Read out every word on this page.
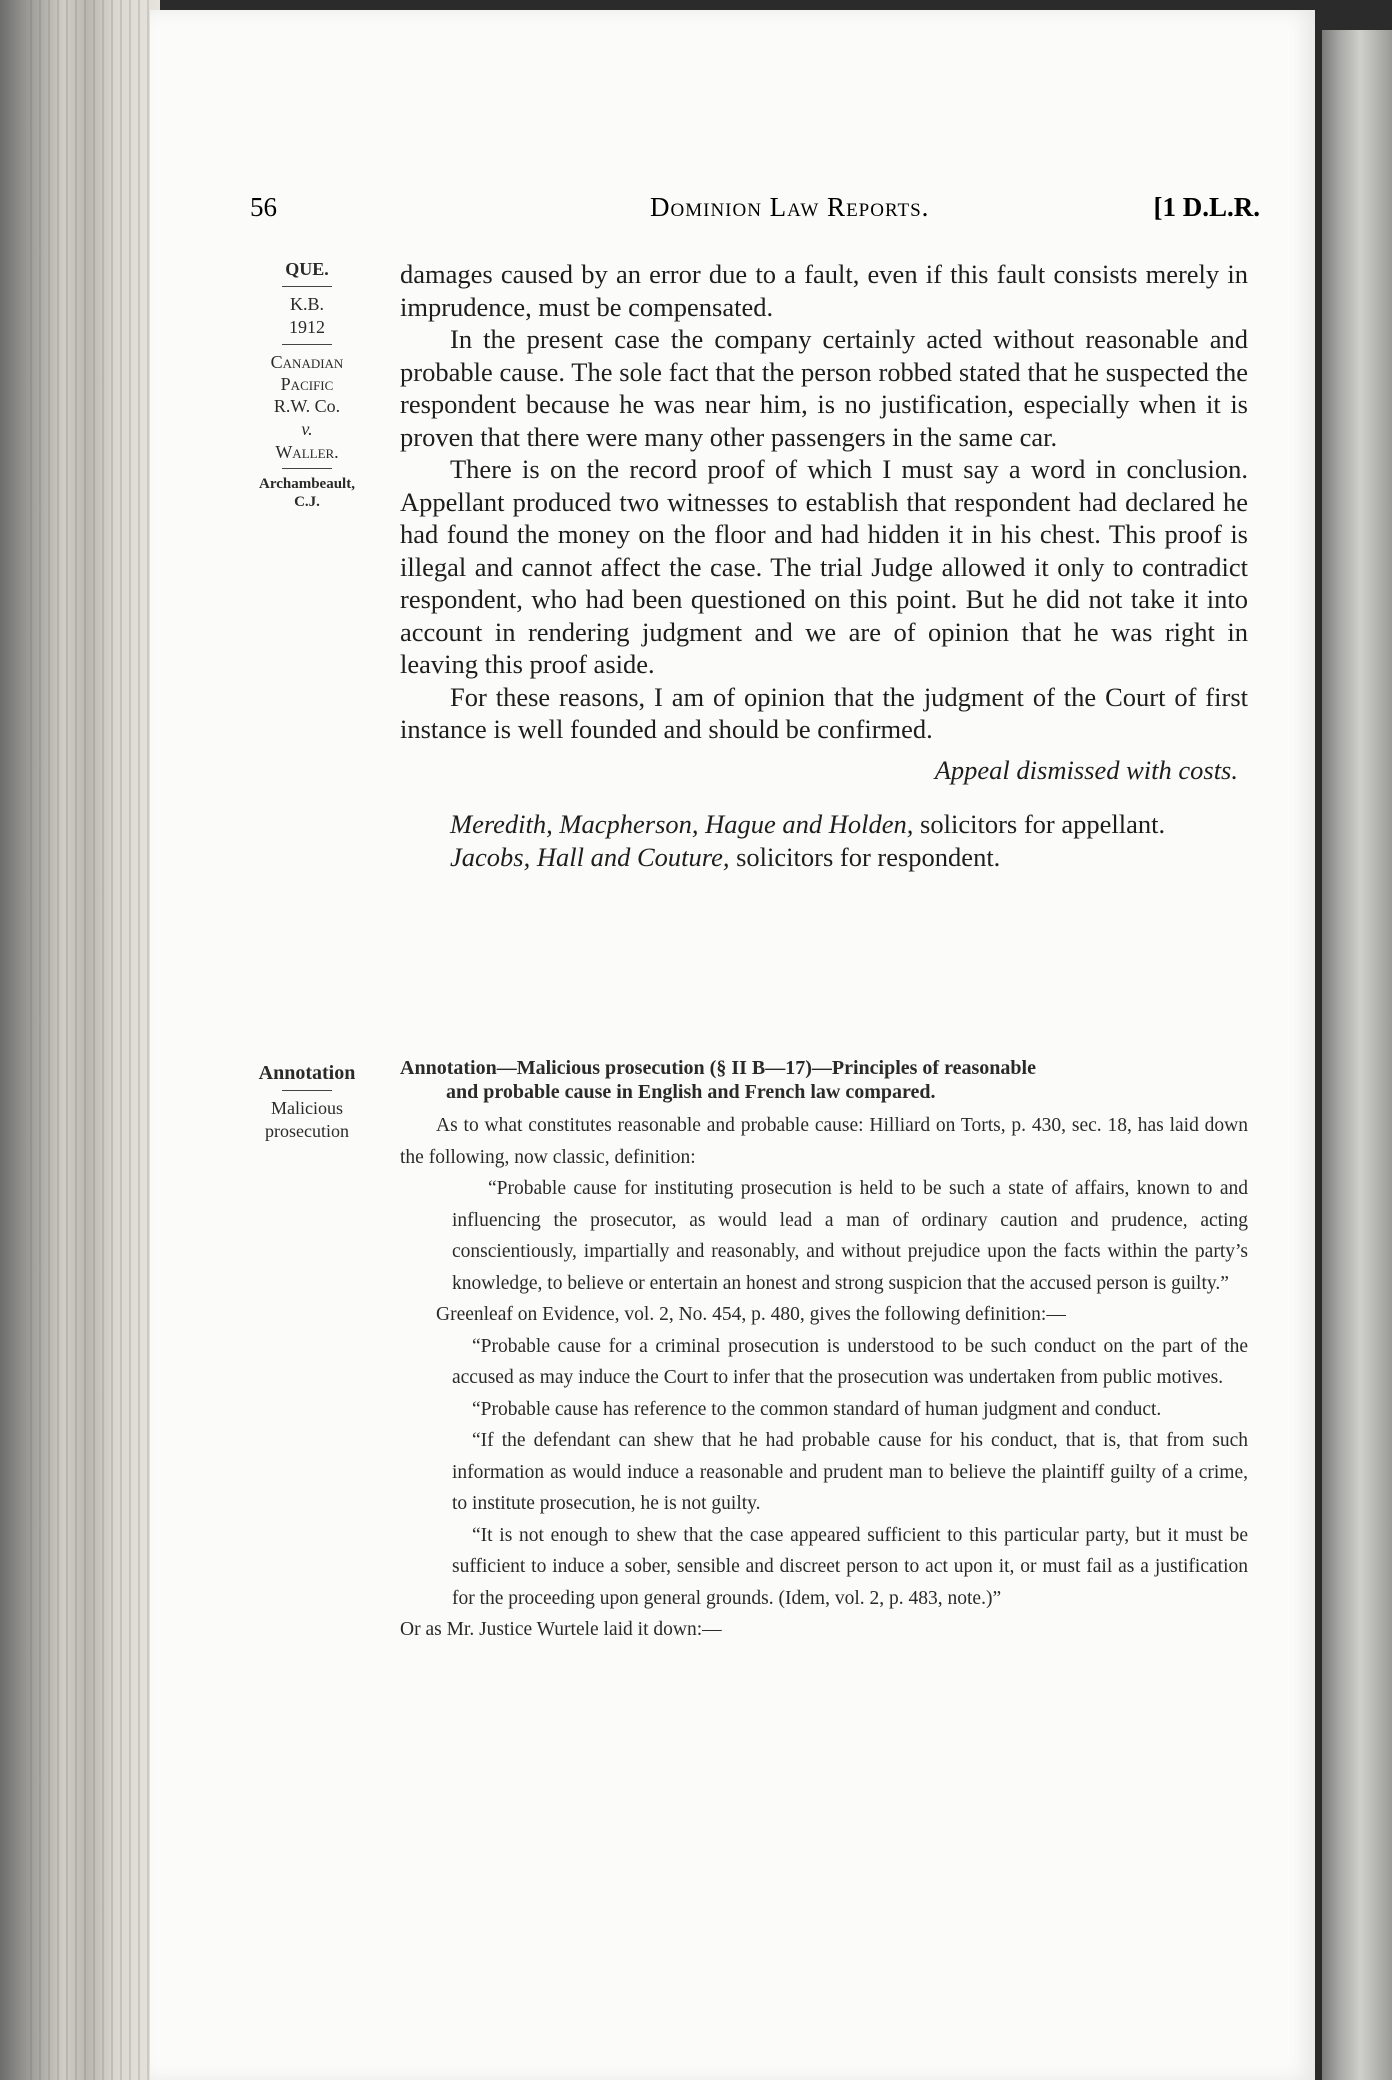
56	Dominion Law Reports.	[1 D.L.R.
QUE.
K.B.
1912
Canadian
Pacific
R.W. Co.
v.
Waller.
Archambeault,
C.J.

damages caused by an error due to a fault, even if this fault consists merely in imprudence, must be compensated.

In the present case the company certainly acted without reasonable and probable cause. The sole fact that the person robbed stated that he suspected the respondent because he was near him, is no justification, especially when it is proven that there were many other passengers in the same car.

There is on the record proof of which I must say a word in conclusion. Appellant produced two witnesses to establish that respondent had declared he had found the money on the floor and had hidden it in his chest. This proof is illegal and cannot affect the case. The trial Judge allowed it only to contradict respondent, who had been questioned on this point. But he did not take it into account in rendering judgment and we are of opinion that he was right in leaving this proof aside.

For these reasons, I am of opinion that the judgment of the Court of first instance is well founded and should be confirmed.

Appeal dismissed with costs.

Meredith, Macpherson, Hague and Holden, solicitors for appellant.

Jacobs, Hall and Couture, solicitors for respondent.

Annotation
Malicious
prosecution
Annotation—Malicious prosecution (§ II B—17)—Principles of reasonable
and probable cause in English and French law compared.

As to what constitutes reasonable and probable cause: Hilliard on Torts, p. 430, sec. 18, has laid down the following, now classic, definition:

“Probable cause for instituting prosecution is held to be such a state of affairs, known to and influencing the prosecutor, as would lead a man of ordinary caution and prudence, acting conscientiously, impartially and reasonably, and without prejudice upon the facts within the party’s knowledge, to believe or entertain an honest and strong suspicion that the accused person is guilty.”

Greenleaf on Evidence, vol. 2, No. 454, p. 480, gives the following definition:—

“Probable cause for a criminal prosecution is understood to be such conduct on the part of the accused as may induce the Court to infer that the prosecution was undertaken from public motives.

“Probable cause has reference to the common standard of human judgment and conduct.

“If the defendant can shew that he had probable cause for his conduct, that is, that from such information as would induce a reasonable and prudent man to believe the plaintiff guilty of a crime, to institute prosecution, he is not guilty.

“It is not enough to shew that the case appeared sufficient to this particular party, but it must be sufficient to induce a sober, sensible and discreet person to act upon it, or must fail as a justification for the proceeding upon general grounds. (Idem, vol. 2, p. 483, note.)”

Or as Mr. Justice Wurtele laid it down:—
